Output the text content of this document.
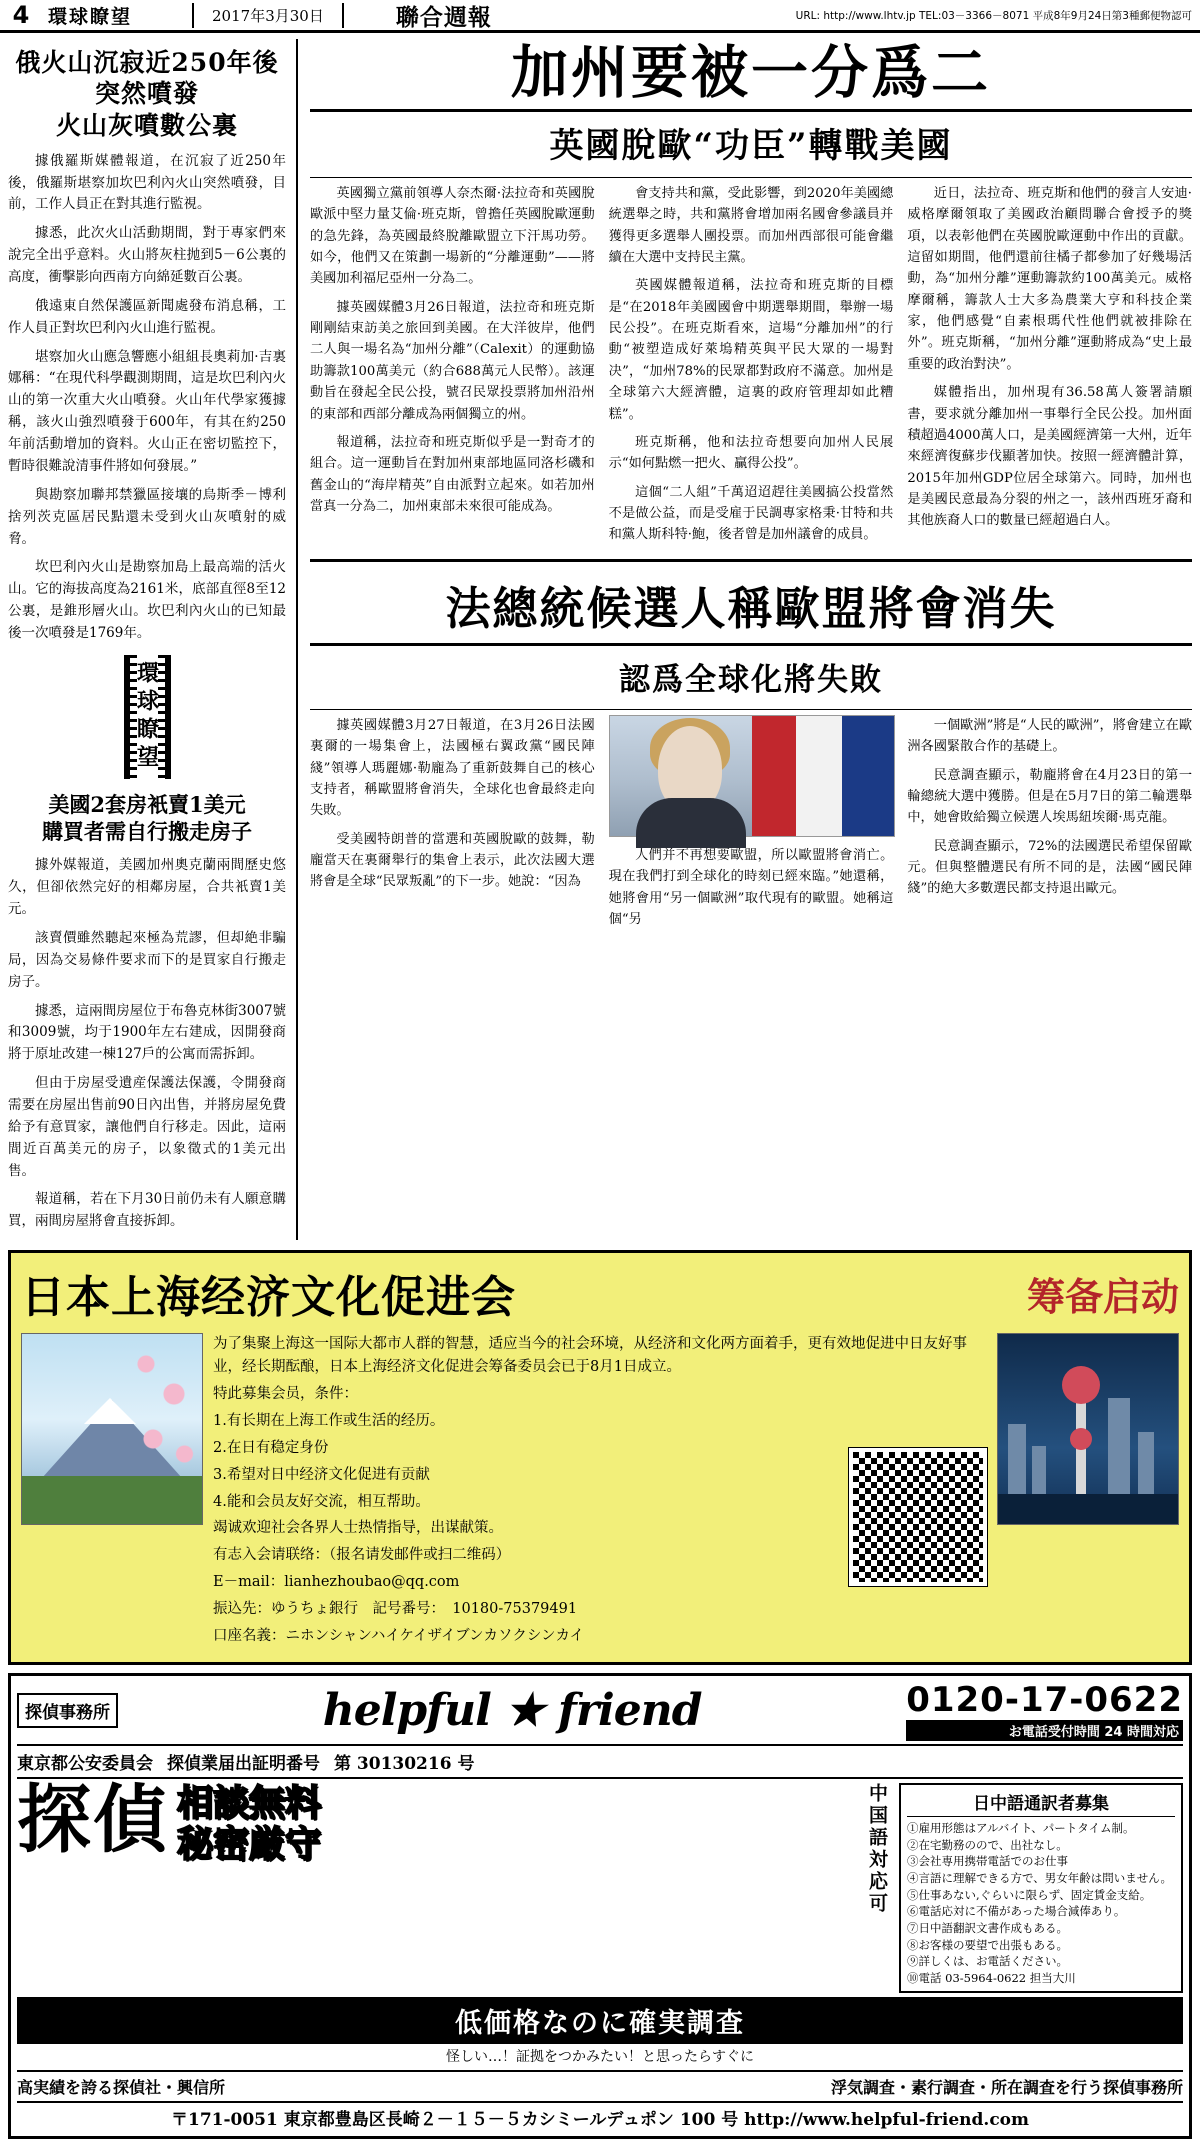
4 環球瞭望	2017年3月30日	聯合週報	URL: http://www.lhtv.jp TEL:03－3366－8071 平成8年9月24日第3種郵便物認可
俄火山沉寂近250年後
突然噴發
火山灰噴數公裏

據俄羅斯媒體報道，在沉寂了近250年後，俄羅斯堪察加坎巴利內火山突然噴發，目前，工作人員正在對其進行監視。

據悉，此次火山活動期間，對于專家們來說完全出乎意料。火山將灰柱抛到5－6公裏的高度，衝擊影向西南方向綿延數百公裏。

俄遠東自然保護區新聞處發布消息稱，工作人員正對坎巴利內火山進行監視。

堪察加火山應急響應小組組長奧莉加·吉裏娜稱：“在現代科學觀測期間，這是坎巴利內火山的第一次重大火山噴發。火山年代學家獲據稱，該火山強烈噴發于600年，有其在約250年前活動增加的資料。火山正在密切監控下，暫時很難說清事件將如何發展。”

與勘察加聯邦禁獵區接壤的烏斯季－博利捨列茨克區居民點還未受到火山灰噴射的威脅。

坎巴利內火山是勘察加島上最高端的活火山。它的海拔高度為2161米，底部直徑8至12公裏，是錐形層火山。坎巴利內火山的已知最後一次噴發是1769年。

環球瞭望
美國2套房衹賣1美元
購買者需自行搬走房子

據外媒報道，美國加州奧克蘭兩間歷史悠久，但卻依然完好的相鄰房屋，合共衹賣1美元。

該賣價雖然聽起來極為荒謬，但却絶非騙局，因為交易條件要求而下的是買家自行搬走房子。

據悉，這兩間房屋位于布魯克林街3007號和3009號，均于1900年左右建成，因開發商將于原址改建一棟127戶的公寓而需拆卸。

但由于房屋受遺産保護法保護，令開發商需要在房屋出售前90日內出售，并將房屋免費給予有意買家，讓他們自行移走。因此，這兩間近百萬美元的房子，以象徵式的1美元出售。

報道稱，若在下月30日前仍未有人願意購買，兩間房屋將會直接拆卸。

加州要被一分爲二
英國脫歐“功臣”轉戰美國

英國獨立黨前領導人奈杰爾·法拉奇和英國脫歐派中堅力量艾倫·班克斯，曾擔任英國脫歐運動的急先鋒，為英國最終脫離歐盟立下汗馬功勞。如今，他們又在策劃一場新的“分離運動”——將美國加利福尼亞州一分為二。

據英國媒體3月26日報道，法拉奇和班克斯剛剛結束訪美之旅回到美國。在大洋彼岸，他們二人與一場名為“加州分離”（Calexit）的運動協助籌款100萬美元（約合688萬元人民幣）。該運動旨在發起全民公投，號召民眾投票將加州沿州的東部和西部分離成為兩個獨立的州。

報道稱，法拉奇和班克斯似乎是一對奇才的組合。這一運動旨在對加州東部地區同洛杉磯和舊金山的“海岸精英”自由派對立起來。如若加州當真一分為二，加州東部未來很可能成為。

會支持共和黨，受此影響，到2020年美國總統選舉之時，共和黨將會增加兩名國會參議員并獲得更多選舉人團投票。而加州西部很可能會繼續在大選中支持民主黨。

英國媒體報道稱，法拉奇和班克斯的目標是“在2018年美國國會中期選舉期間，舉辦一場民公投”。在班克斯看來，這場“分離加州”的行動“被塑造成好萊塢精英與平民大眾的一場對决”，“加州78%的民眾都對政府不滿意。加州是全球第六大經濟體，這裏的政府管理却如此糟糕”。

班克斯稱，他和法拉奇想要向加州人民展示“如何點燃一把火、贏得公投”。

這個“二人組”千萬迢迢趕往美國搞公投當然不是做公益，而是受雇于民調專家格秉·甘特和共和黨人斯科特·鮑，後者曾是加州議會的成員。

近日，法拉奇、班克斯和他們的發言人安迪·威格摩爾領取了美國政治顧問聯合會授予的獎項，以表彰他們在英國脫歐運動中作出的貢獻。這留如期間，他們還前往橘子都參加了好幾場活動，為“加州分離”運動籌款約100萬美元。威格摩爾稱，籌款人士大多為農業大亨和科技企業家，他們感覺“自素根瑪代性他們就被排除在外”。班克斯稱，“加州分離”運動將成為“史上最重要的政治對決”。

媒體指出，加州現有36.58萬人簽署請願書，要求就分離加州一事舉行全民公投。加州面積超過4000萬人口，是美國經濟第一大州，近年來經濟復蘇步伐顯著加快。按照一經濟體計算，2015年加州GDP位居全球第六。同時，加州也是美國民意最為分裂的州之一，該州西班牙裔和其他族裔人口的數量已經超過白人。

法總統候選人稱歐盟將會消失
認爲全球化將失敗

據英國媒體3月27日報道，在3月26日法國裏爾的一場集會上，法國極右翼政黨“國民陣綫”領導人瑪麗娜·勒龐為了重新鼓舞自己的核心支持者，稱歐盟將會消失，全球化也會最終走向失敗。

受美國特朗普的當選和英國脫歐的鼓舞，勒龐當天在裏爾舉行的集會上表示，此次法國大選將會是全球“民眾叛亂”的下一步。她說：“因為

人們并不再想要歐盟，所以歐盟將會消亡。現在我們打到全球化的時刻已經來臨。”她還稱，她將會用“另一個歐洲”取代現有的歐盟。她稱這個“另

一個歐洲”將是“人民的歐洲”，將會建立在歐洲各國緊散合作的基礎上。

民意調查顯示，勒龐將會在4月23日的第一輪總統大選中獲勝。但是在5月7日的第二輪選舉中，她會敗給獨立候選人埃馬紐埃爾·馬克龍。

民意調查顯示，72%的法國選民希望保留歐元。但與整體選民有所不同的是，法國“國民陣綫”的絶大多數選民都支持退出歐元。

日本上海经济文化促进会	筹备启动

为了集聚上海这一国际大都市人群的智慧，适应当今的社会环境，从经济和文化两方面着手，更有效地促进中日友好事业，经长期酝酿，日本上海经济文化促进会筹备委员会已于8月1日成立。

特此募集会员，条件：

1.有长期在上海工作或生活的经历。

2.在日有稳定身份

3.希望对日中经济文化促进有贡献

4.能和会员友好交流，相互帮助。

竭诚欢迎社会各界人士热情指导，出谋献策。

有志入会请联络：（报名请发邮件或扫二维码）

E－mail：lianhezhoubao@qq.com

振込先：ゆうちょ銀行　記号番号：　10180-75379491

口座名義：ニホンシャンハイケイザイブンカソクシンカイ

探偵事務所	helpful ★ friend	0120-17-0622
お電話受付時間 24 時間対応
東京都公安委員会 探偵業届出証明番号 第 30130216 号
探偵 相談無料
秘密厳守	中国語対応可	日中語通訳者募集
①雇用形態はアルバイト、パートタイム制。
②在宅勤務のので、出社なし。
③会社専用携帯電話でのお仕事
④言語に理解できる方で、男女年齢は問いません。
⑤仕事あない,ぐらいに限らず、固定賃金支給。
⑥電話応対に不備があった場合減俸あり。
⑦日中語翻訳文書作成もある。
⑧お客様の要望で出張もある。
⑨詳しくは、お電話ください。
⑩電話 03-5964-0622 担当大川
低価格なのに確実調査
怪しい…！証拠をつかみたい！と思ったらすぐに
高実績を誇る探偵社・興信所	浮気調査・素行調査・所在調査を行う探偵事務所
〒171-0051 東京都豊島区長崎２－１５－５カシミールデュポン 100 号 http://www.helpful-friend.com
